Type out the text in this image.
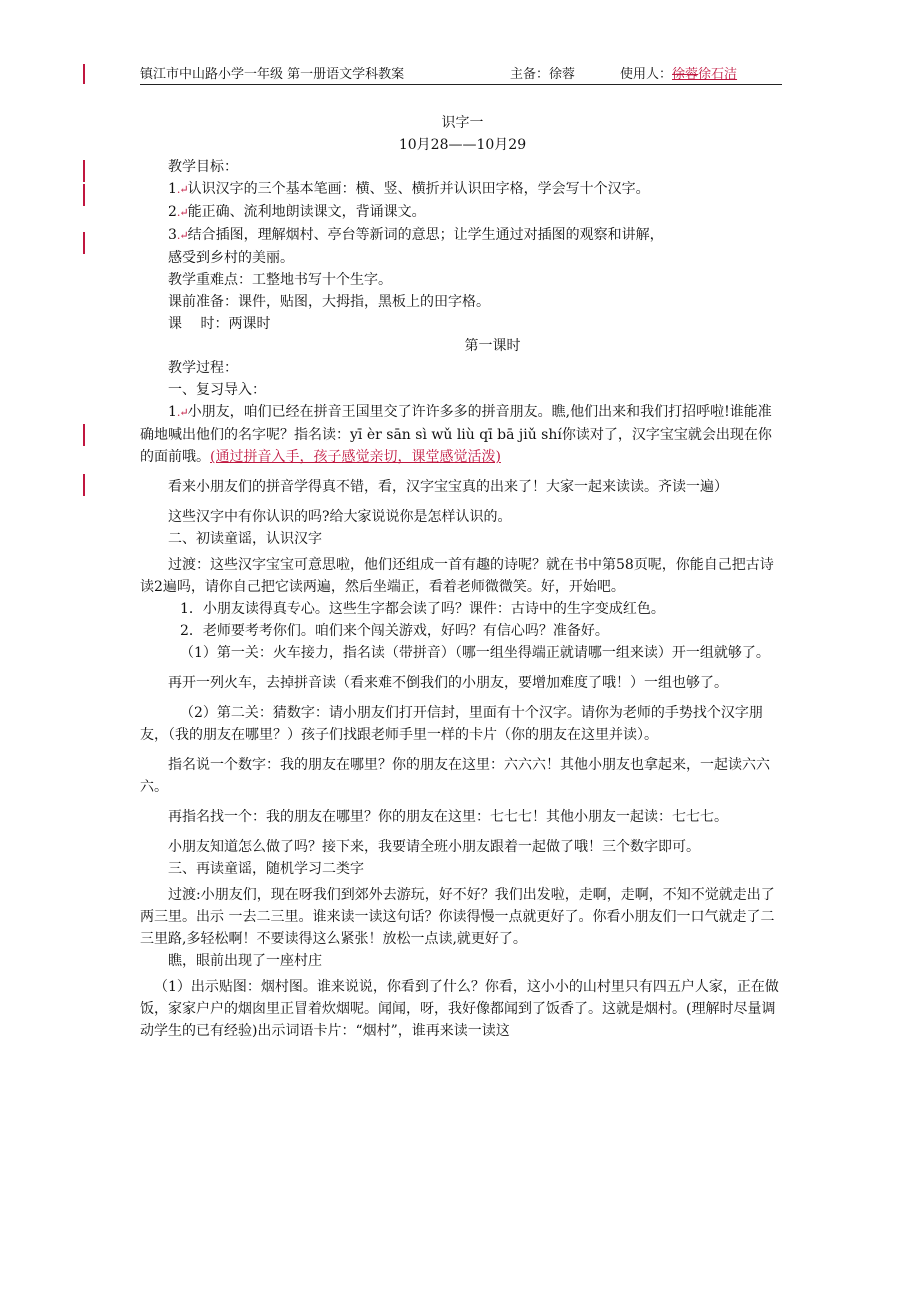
镇江市中山路小学一年级 第一册语文学科教案	主备：徐蓉	使用人：徐蓉徐石洁

识字一

10月28——10月29

教学目标：

1.↵认识汉字的三个基本笔画：横、竖、横折并认识田字格，学会写十个汉字。

2.↵能正确、流利地朗读课文，背诵课文。

3.↵结合插图，理解烟村、亭台等新词的意思；让学生通过对插图的观察和讲解，

感受到乡村的美丽。

教学重难点：工整地书写十个生字。

课前准备：课件，贴图，大拇指，黑板上的田字格。

课　 时：两课时

第一课时

教学过程：

一、复习导入：

1.↵小朋友，咱们已经在拼音王国里交了许许多多的拼音朋友。瞧,他们出来和我们打招呼啦!谁能准确地喊出他们的名字呢？指名读：yī èr sān sì wǔ liù qī bā jiǔ shí你读对了，汉字宝宝就会出现在你的面前哦。(通过拼音入手，孩子感觉亲切，课堂感觉活泼)

看来小朋友们的拼音学得真不错，看，汉字宝宝真的出来了！大家一起来读读。齐读一遍）

这些汉字中有你认识的吗?给大家说说你是怎样认识的。

二、初读童谣，认识汉字

过渡：这些汉字宝宝可意思啦，他们还组成一首有趣的诗呢？就在书中第58页呢，你能自己把古诗读2遍吗，请你自己把它读两遍，然后坐端正，看着老师微微笑。好，开始吧。

1．小朋友读得真专心。这些生字都会读了吗？课件：古诗中的生字变成红色。

2．老师要考考你们。咱们来个闯关游戏，好吗？有信心吗？准备好。

（1）第一关：火车接力，指名读（带拼音）（哪一组坐得端正就请哪一组来读）开一组就够了。

再开一列火车，去掉拼音读（看来难不倒我们的小朋友，要增加难度了哦！）一组也够了。

（2）第二关：猜数字：请小朋友们打开信封，里面有十个汉字。请你为老师的手势找个汉字朋友，（我的朋友在哪里？）孩子们找跟老师手里一样的卡片（你的朋友在这里并读）。

指名说一个数字：我的朋友在哪里？你的朋友在这里：六六六！其他小朋友也拿起来，一起读六六六。

再指名找一个：我的朋友在哪里？你的朋友在这里：七七七！其他小朋友一起读：七七七。

小朋友知道怎么做了吗？接下来，我要请全班小朋友跟着一起做了哦！三个数字即可。

三、再读童谣，随机学习二类字

过渡:小朋友们，现在呀我们到郊外去游玩，好不好？我们出发啦，走啊，走啊，不知不觉就走出了两三里。出示 一去二三里。谁来读一读这句话？你读得慢一点就更好了。你看小朋友们一口气就走了二三里路,多轻松啊！不要读得这么紧张！放松一点读,就更好了。

瞧，眼前出现了一座村庄

（1）出示贴图：烟村图。谁来说说，你看到了什么？你看，这小小的山村里只有四五户人家，正在做饭，家家户户的烟囱里正冒着炊烟呢。闻闻，呀，我好像都闻到了饭香了。这就是烟村。(理解时尽量调动学生的已有经验)出示词语卡片：“烟村”，谁再来读一读这
